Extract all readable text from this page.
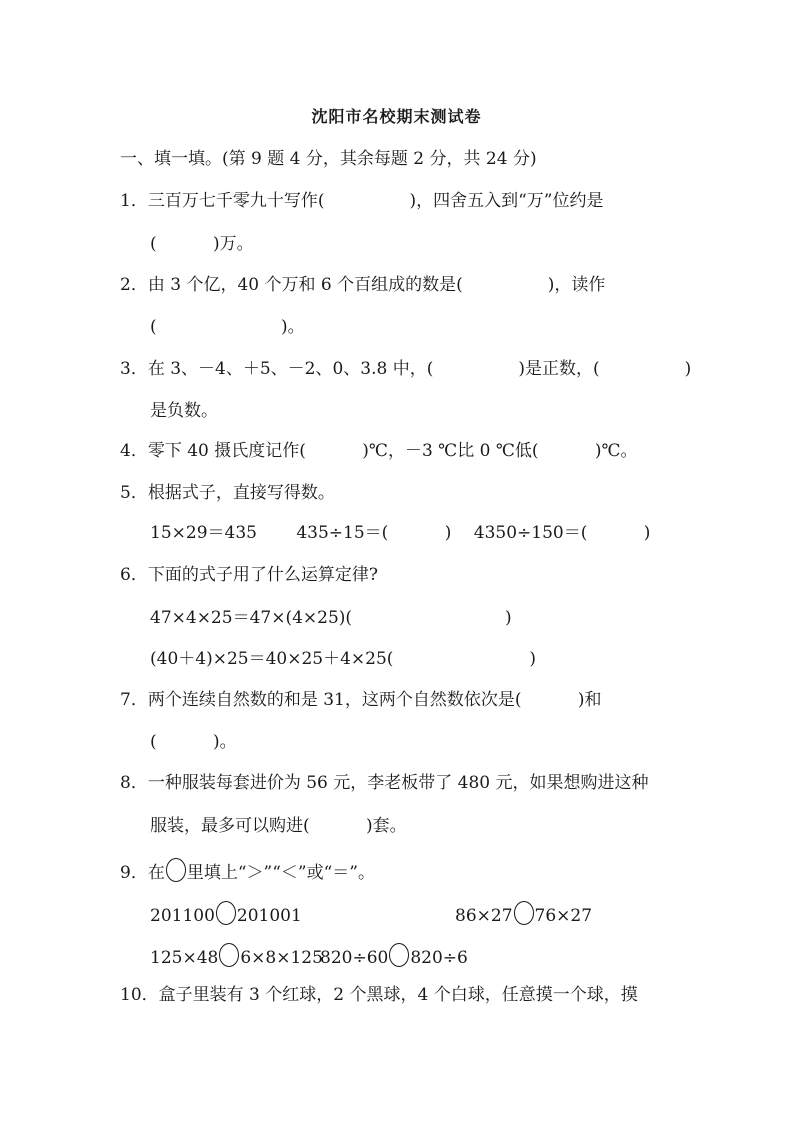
沈阳市名校期末测试卷
一、填一填。(第 9 题 4 分，其余每题 2 分，共 24 分)
1．三百万七千零九十写作(　　　　　)，四舍五入到“万”位约是
(　　　 )万。
2．由 3 个亿，40 个万和 6 个百组成的数是(　　　　　)，读作
(　　　　　　　 )。
3．在 3、－4、＋5、－2、0、3.8 中，(　　　　　)是正数，(　　　　　)
是负数。
4．零下 40 摄氏度记作(　　　 )℃，－3 ℃比 0 ℃低(　　　 )℃。
5．根据式子，直接写得数。
15×29＝435　　 435÷15＝(　　　 )　 4350÷150＝(　　　 )
6．下面的式子用了什么运算定律?
47×4×25＝47×(4×25)(　　　　　　　　　)
(40＋4)×25＝40×25＋4×25(　　　　　　　　)
7．两个连续自然数的和是 31，这两个自然数依次是(　　　 )和
(　　　 )。
8．一种服装每套进价为 56 元，李老板带了 480 元，如果想购进这种
服装，最多可以购进(　　　 )套。
9．在 里填上“＞”“＜”或“＝”。
201100 201001	86×27 76×27
125×48 6×8×125
820÷60 820÷6
10．盒子里装有 3 个红球，2 个黑球，4 个白球，任意摸一个球，摸
